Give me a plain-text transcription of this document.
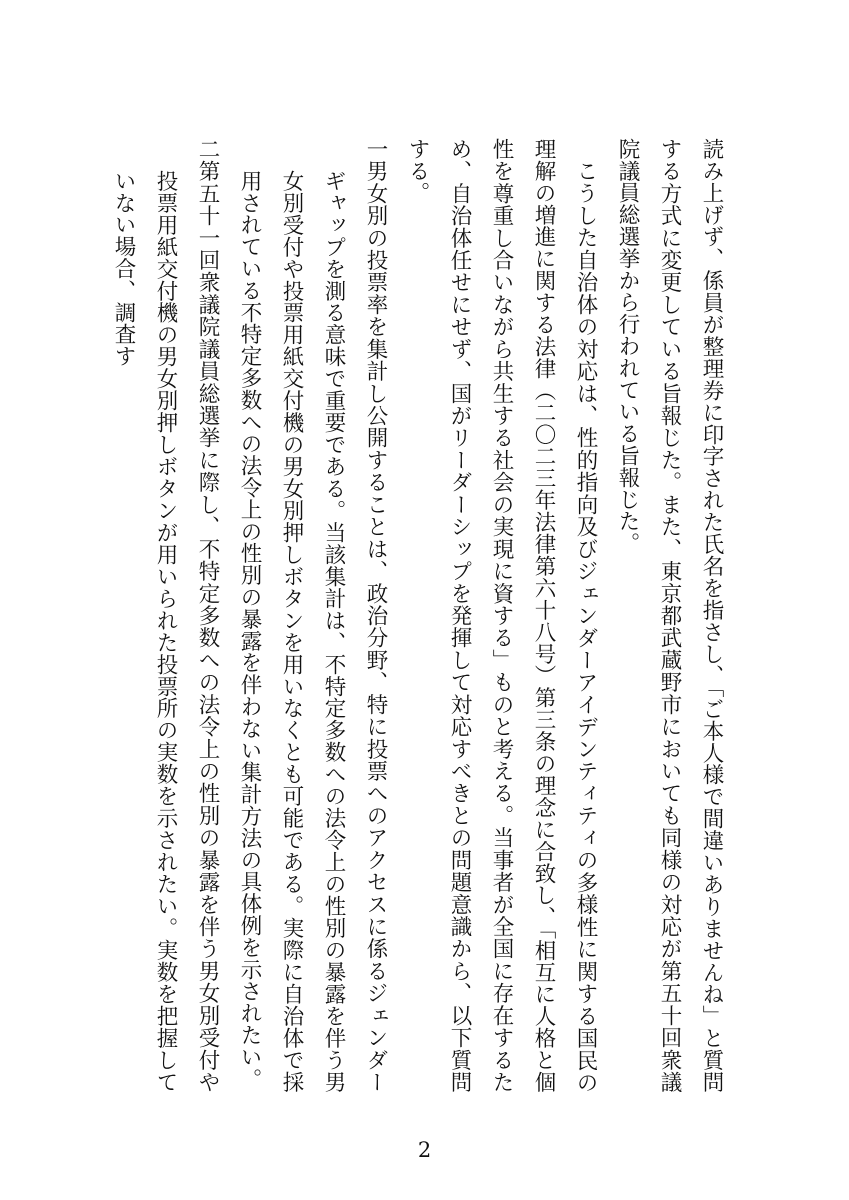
読み上げず、係員が整理券に印字された氏名を指さし、「ご本人様で間違いありませんね」と質問する方式に変更している旨報じた。また、東京都武蔵野市においても同様の対応が第五十回衆議院議員総選挙から行われている旨報じた。

こうした自治体の対応は、性的指向及びジェンダーアイデンティティの多様性に関する国民の理解の増進に関する法律（二〇二三年法律第六十八号）第三条の理念に合致し、「相互に人格と個性を尊重し合いながら共生する社会の実現に資する」ものと考える。当事者が全国に存在するため、自治体任せにせず、国がリーダーシップを発揮して対応すべきとの問題意識から、以下質問する。

一男女別の投票率を集計し公開することは、政治分野、特に投票へのアクセスに係るジェンダーギャップを測る意味で重要である。当該集計は、不特定多数への法令上の性別の暴露を伴う男女別受付や投票用紙交付機の男女別押しボタンを用いなくとも可能である。実際に自治体で採用されている不特定多数への法令上の性別の暴露を伴わない集計方法の具体例を示されたい。

二第五十一回衆議院議員総選挙に際し、不特定多数への法令上の性別の暴露を伴う男女別受付や投票用紙交付機の男女別押しボタンが用いられた投票所の実数を示されたい。実数を把握していない場合、調査す

2
